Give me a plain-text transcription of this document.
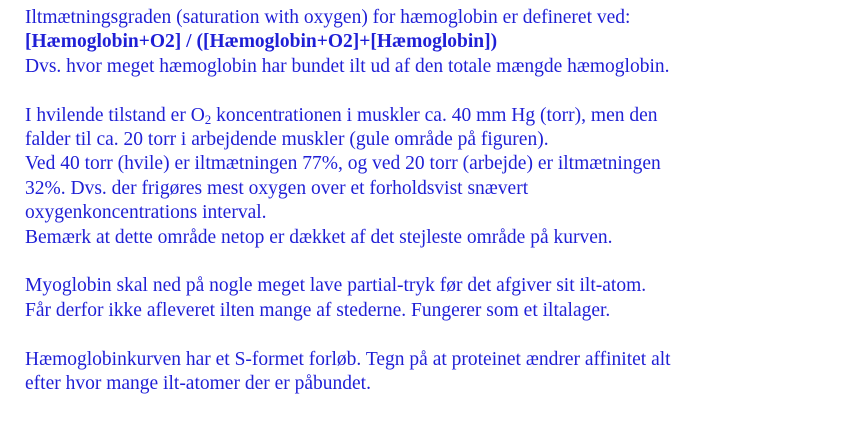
Iltmætningsgraden (saturation with oxygen) for hæmoglobin er defineret ved:

[Hæmoglobin+O2] / ([Hæmoglobin+O2]+[Hæmoglobin])

Dvs. hvor meget hæmoglobin har bundet ilt ud af den totale mængde hæmoglobin.

I hvilende tilstand er $O_2$ koncentrationen i muskler ca. 40 mm Hg (torr), men den

falder til ca. 20 torr i arbejdende muskler (gule område på figuren).

Ved 40 torr (hvile) er iltmætningen 77%, og ved 20 torr (arbejde) er iltmætningen

32%. Dvs. der frigøres mest oxygen over et forholdsvist snævert

oxygenkoncentrations interval.

Bemærk at dette område netop er dækket af det stejleste område på kurven.

Myoglobin skal ned på nogle meget lave partial-tryk før det afgiver sit ilt-atom.

Får derfor ikke afleveret ilten mange af stederne. Fungerer som et iltalager.

Hæmoglobinkurven har et S-formet forløb. Tegn på at proteinet ændrer affinitet alt

efter hvor mange ilt-atomer der er påbundet.
